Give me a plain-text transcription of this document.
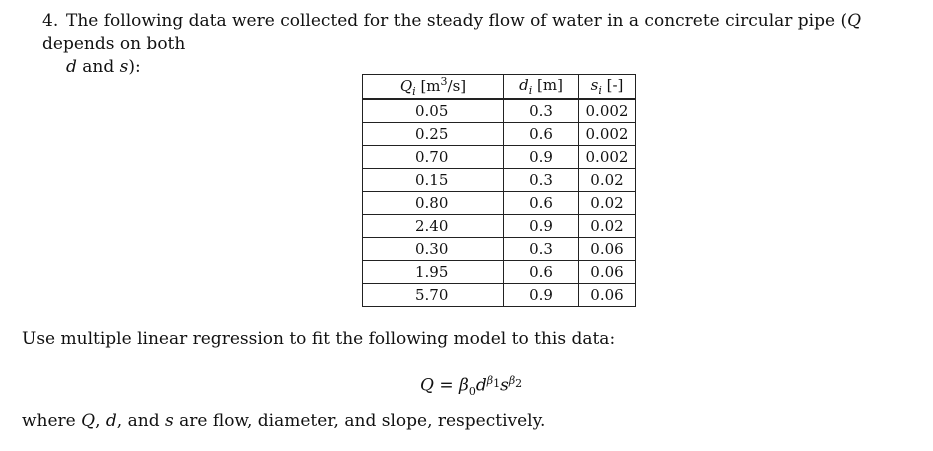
4. The following data were collected for the steady flow of water in a concrete circular pipe (Q depends on both
d and s):
$Q_i$ $[m^3/s]$	$d_i$ [m]	$s_i$ [-]
0.05	0.3	0.002
0.25	0.6	0.002
0.70	0.9	0.002
0.15	0.3	0.02
0.80	0.6	0.02
2.40	0.9	0.02
0.30	0.3	0.06
1.95	0.6	0.06
5.70	0.9	0.06
Use multiple linear regression to fit the following model to this data:
$Q = \beta_0d^{\beta_1}s^{\beta_2}$
where Q, d, and s are flow, diameter, and slope, respectively.
